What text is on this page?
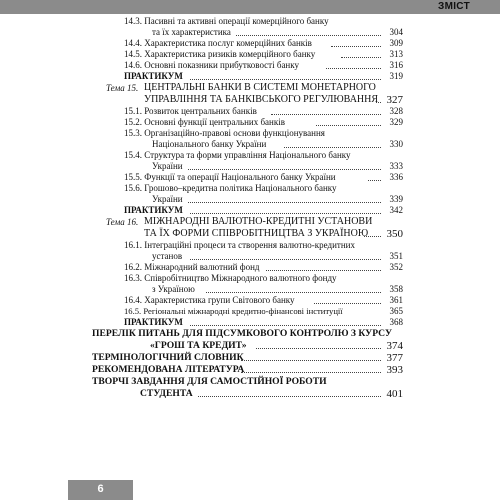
ЗМІСТ
14.3. Пасивні та активні операції комерційного банку
та їх характеристика	304
14.4. Характеристика послуг комерційних банків	309
14.5. Характеристика ризиків комерційного банку	313
14.6. Основні показники прибутковості банку	316
ПРАКТИКУМ	319
Тема 15. ЦЕНТРАЛЬНІ БАНКИ В СИСТЕМІ МОНЕТАРНОГО
УПРАВЛІННЯ ТА БАНКІВСЬКОГО РЕГУЛЮВАННЯ 327
15.1. Розвиток центральних банків	328
15.2. Основні функції центральних банків	329
15.3. Організаційно-правові основи функціонування
Національного банку України	330
15.4. Структура та форми управління Національного банку
України	333
15.5. Функції та операції Національного банку України	336
15.6. Грошово–кредитна політика Національного банку
України	339
ПРАКТИКУМ	342
Тема 16. МІЖНАРОДНІ ВАЛЮТНО-КРЕДИТНІ УСТАНОВИ
ТА ЇХ ФОРМИ СПІВРОБІТНИЦТВА З УКРАЇНОЮ 350
16.1. Інтеграційні процеси та створення валютно-кредитних
установ	351
16.2. Міжнародний валютний фонд	352
16.3. Співробітництво Міжнародного валютного фонду
з Україною	358
16.4. Характеристика групи Світового банку	361
16.5. Регіональні міжнародні кредитно-фінансові інституції	365
ПРАКТИКУМ	368
ПЕРЕЛІК ПИТАНЬ ДЛЯ ПІДСУМКОВОГО КОНТРОЛЮ З КУРСУ
«ГРОШ ТА КРЕДИТ»	374
ТЕРМІНОЛОГІЧНИЙ СЛОВНИК	377
РЕКОМЕНДОВАНА ЛІТЕРАТУРА	393
ТВОРЧІ ЗАВДАННЯ ДЛЯ САМОСТІЙНОЇ РОБОТИ
СТУДЕНТА	401
6
